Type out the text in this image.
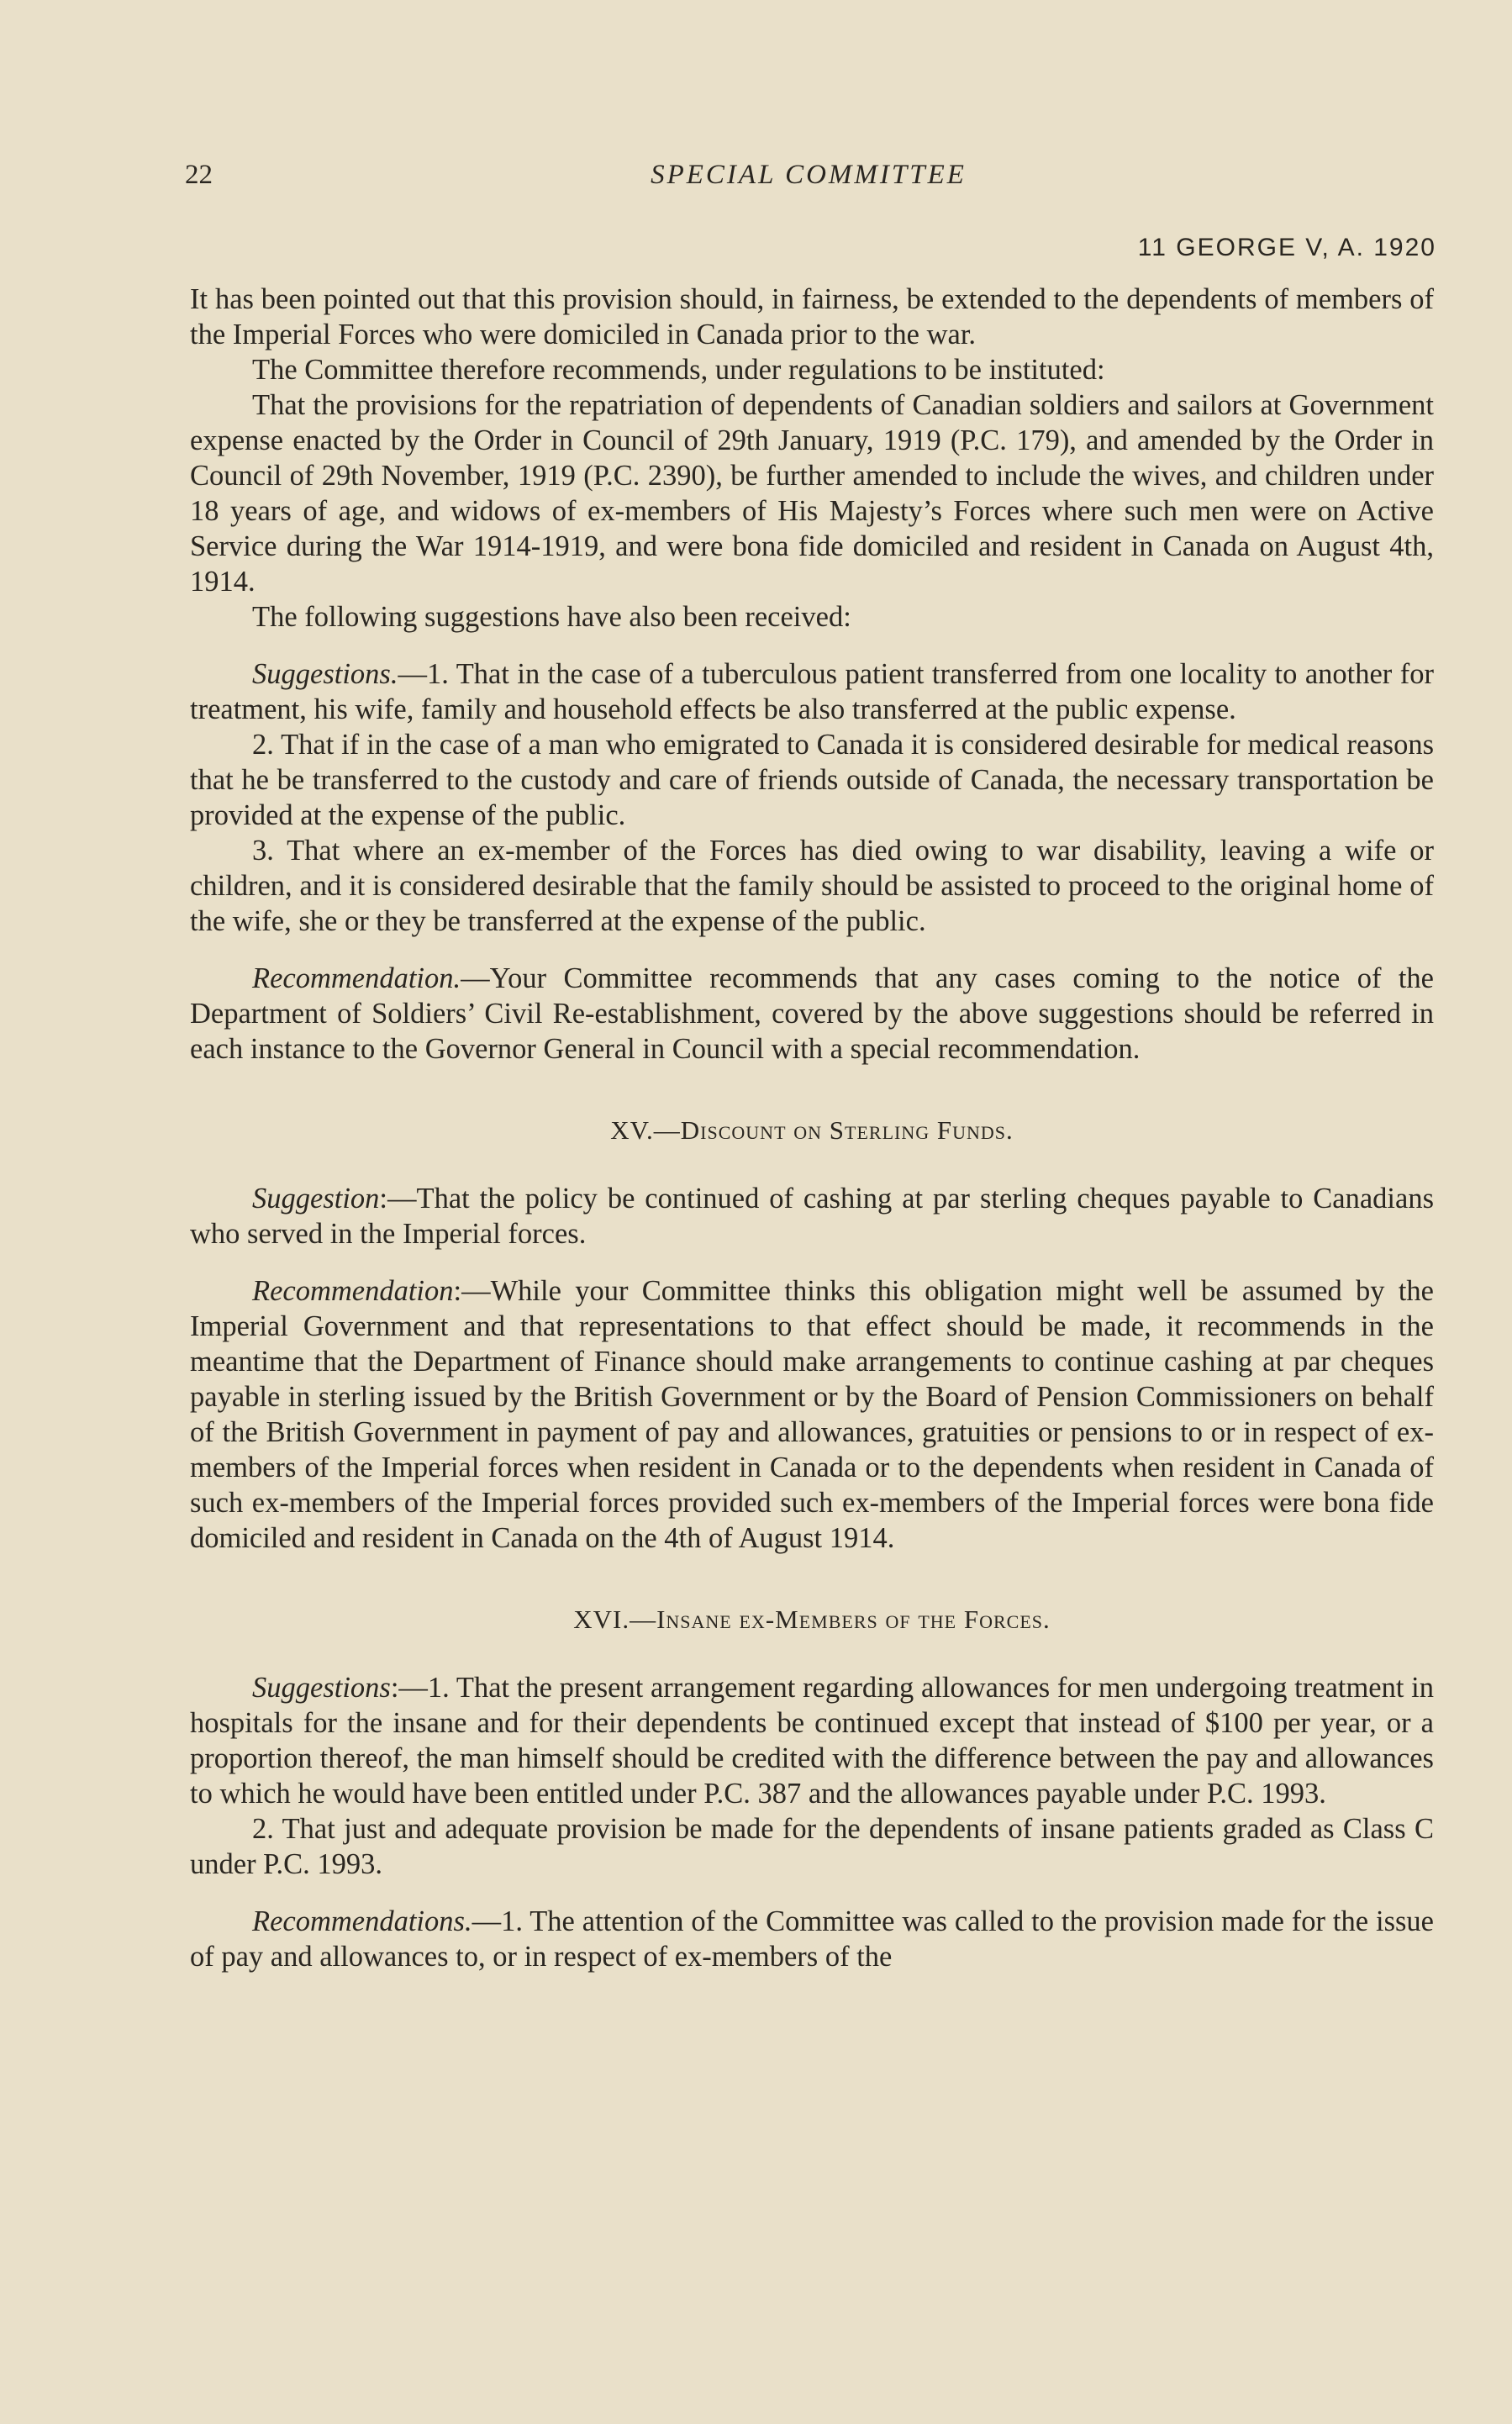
22	SPECIAL COMMITTEE
11 GEORGE V, A. 1920

It has been pointed out that this provision should, in fairness, be extended to the dependents of members of the Imperial Forces who were domiciled in Canada prior to the war.

The Committee therefore recommends, under regulations to be instituted:

That the provisions for the repatriation of dependents of Canadian soldiers and sailors at Government expense enacted by the Order in Council of 29th January, 1919 (P.C. 179), and amended by the Order in Council of 29th November, 1919 (P.C. 2390), be further amended to include the wives, and children under 18 years of age, and widows of ex-members of His Majesty’s Forces where such men were on Active Service during the War 1914-1919, and were bona fide domiciled and resident in Canada on August 4th, 1914.

The following suggestions have also been received:

Suggestions.—1. That in the case of a tuberculous patient transferred from one locality to another for treatment, his wife, family and household effects be also transferred at the public expense.

2. That if in the case of a man who emigrated to Canada it is considered desirable for medical reasons that he be transferred to the custody and care of friends outside of Canada, the necessary transportation be provided at the expense of the public.

3. That where an ex-member of the Forces has died owing to war disability, leaving a wife or children, and it is considered desirable that the family should be assisted to proceed to the original home of the wife, she or they be transferred at the expense of the public.

Recommendation.—Your Committee recommends that any cases coming to the notice of the Department of Soldiers’ Civil Re-establishment, covered by the above suggestions should be referred in each instance to the Governor General in Council with a special recommendation.

XV.—Discount on Sterling Funds.

Suggestion:—That the policy be continued of cashing at par sterling cheques payable to Canadians who served in the Imperial forces.

Recommendation:—While your Committee thinks this obligation might well be assumed by the Imperial Government and that representations to that effect should be made, it recommends in the meantime that the Department of Finance should make arrangements to continue cashing at par cheques payable in sterling issued by the British Government or by the Board of Pension Commissioners on behalf of the British Government in payment of pay and allowances, gratuities or pensions to or in respect of ex-members of the Imperial forces when resident in Canada or to the dependents when resident in Canada of such ex-members of the Imperial forces provided such ex-members of the Imperial forces were bona fide domiciled and resident in Canada on the 4th of August 1914.

XVI.—Insane ex-Members of the Forces.

Suggestions:—1. That the present arrangement regarding allowances for men undergoing treatment in hospitals for the insane and for their dependents be continued except that instead of $100 per year, or a proportion thereof, the man himself should be credited with the difference between the pay and allowances to which he would have been entitled under P.C. 387 and the allowances payable under P.C. 1993.

2. That just and adequate provision be made for the dependents of insane patients graded as Class C under P.C. 1993.

Recommendations.—1. The attention of the Committee was called to the provision made for the issue of pay and allowances to, or in respect of ex-members of the
